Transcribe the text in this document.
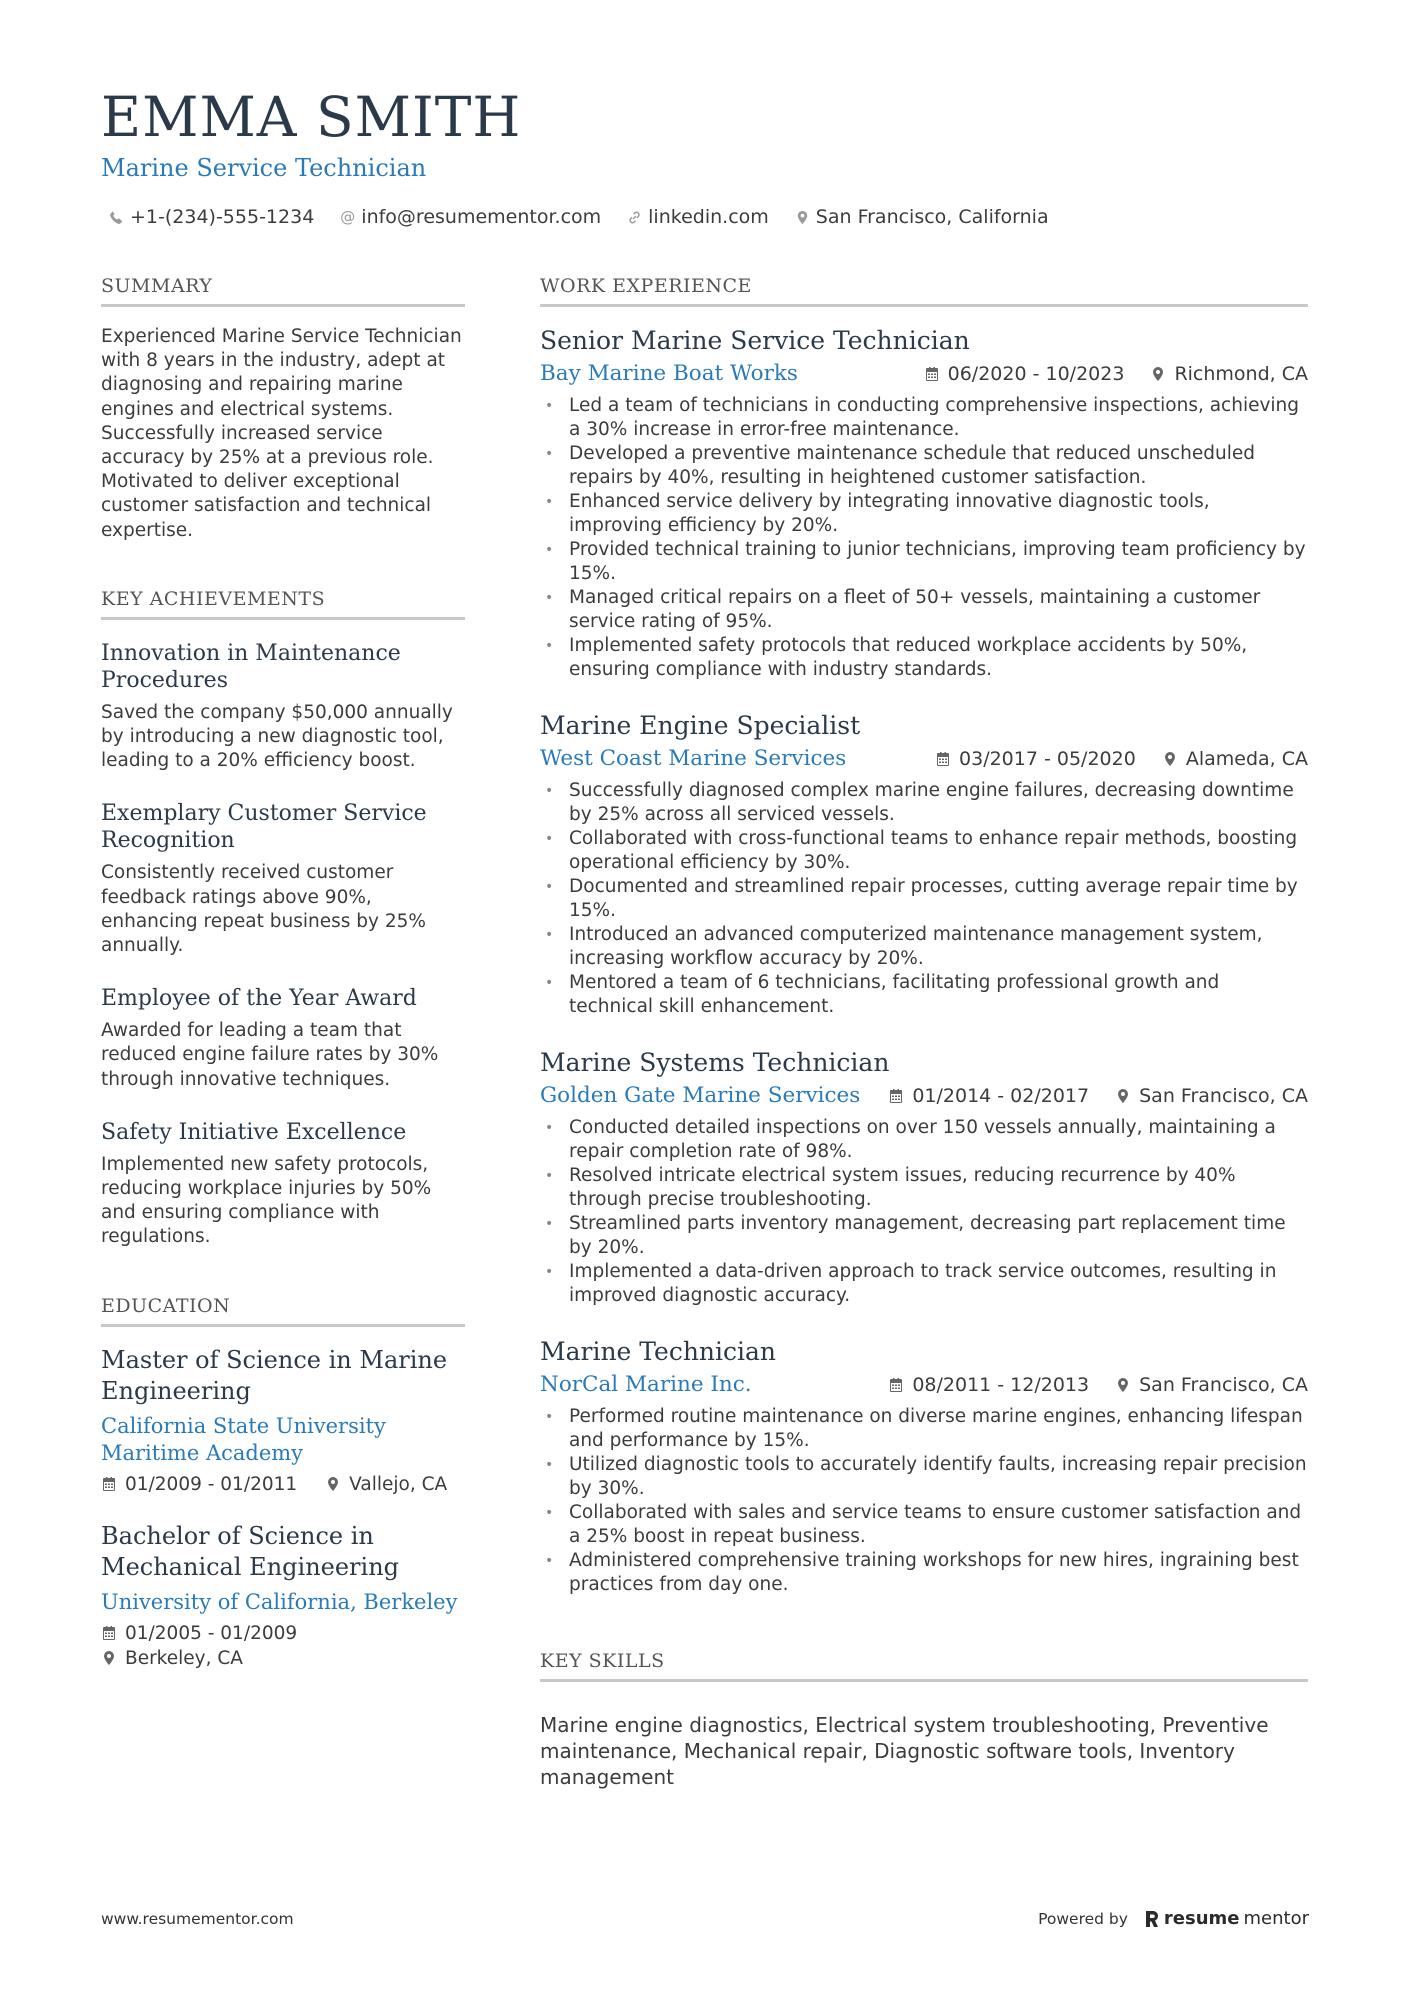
EMMA SMITH
Marine Service Technician
+1-(234)-555-1234 @ info@resumementor.com linkedin.com San Francisco, California
SUMMARY

Experienced Marine Service Technician with 8 years in the industry, adept at diagnosing and repairing marine engines and electrical systems. Successfully increased service accuracy by 25% at a previous role. Motivated to deliver exceptional customer satisfaction and technical expertise.

KEY ACHIEVEMENTS
Innovation in Maintenance Procedures
Saved the company $50,000 annually by introducing a new diagnostic tool, leading to a 20% efficiency boost.
Exemplary Customer Service Recognition
Consistently received customer feedback ratings above 90%, enhancing repeat business by 25% annually.
Employee of the Year Award
Awarded for leading a team that reduced engine failure rates by 30% through innovative techniques.
Safety Initiative Excellence
Implemented new safety protocols, reducing workplace injuries by 50% and ensuring compliance with regulations.
EDUCATION
Master of Science in Marine Engineering
California State University Maritime Academy
01/2009 - 01/2011	Vallejo, CA
Bachelor of Science in Mechanical Engineering
University of California, Berkeley
01/2005 - 01/2009
Berkeley, CA
WORK EXPERIENCE
Senior Marine Service Technician
Bay Marine Boat Works	06/2020 - 10/2023	Richmond, CA
• Led a team of technicians in conducting comprehensive inspections, achieving a 30% increase in error-free maintenance.
• Developed a preventive maintenance schedule that reduced unscheduled repairs by 40%, resulting in heightened customer satisfaction.
• Enhanced service delivery by integrating innovative diagnostic tools, improving efficiency by 20%.
• Provided technical training to junior technicians, improving team proficiency by 15%.
• Managed critical repairs on a fleet of 50+ vessels, maintaining a customer service rating of 95%.
• Implemented safety protocols that reduced workplace accidents by 50%, ensuring compliance with industry standards.
Marine Engine Specialist
West Coast Marine Services	03/2017 - 05/2020	Alameda, CA
• Successfully diagnosed complex marine engine failures, decreasing downtime by 25% across all serviced vessels.
• Collaborated with cross-functional teams to enhance repair methods, boosting operational efficiency by 30%.
• Documented and streamlined repair processes, cutting average repair time by 15%.
• Introduced an advanced computerized maintenance management system, increasing workflow accuracy by 20%.
• Mentored a team of 6 technicians, facilitating professional growth and technical skill enhancement.
Marine Systems Technician
Golden Gate Marine Services	01/2014 - 02/2017	San Francisco, CA
• Conducted detailed inspections on over 150 vessels annually, maintaining a repair completion rate of 98%.
• Resolved intricate electrical system issues, reducing recurrence by 40% through precise troubleshooting.
• Streamlined parts inventory management, decreasing part replacement time by 20%.
• Implemented a data-driven approach to track service outcomes, resulting in improved diagnostic accuracy.
Marine Technician
NorCal Marine Inc.	08/2011 - 12/2013	San Francisco, CA
• Performed routine maintenance on diverse marine engines, enhancing lifespan and performance by 15%.
• Utilized diagnostic tools to accurately identify faults, increasing repair precision by 30%.
• Collaborated with sales and service teams to ensure customer satisfaction and a 25% boost in repeat business.
• Administered comprehensive training workshops for new hires, ingraining best practices from day one.
KEY SKILLS

Marine engine diagnostics, Electrical system troubleshooting, Preventive maintenance, Mechanical repair, Diagnostic software tools, Inventory management

www.resumementor.com	Powered by resume mentor
